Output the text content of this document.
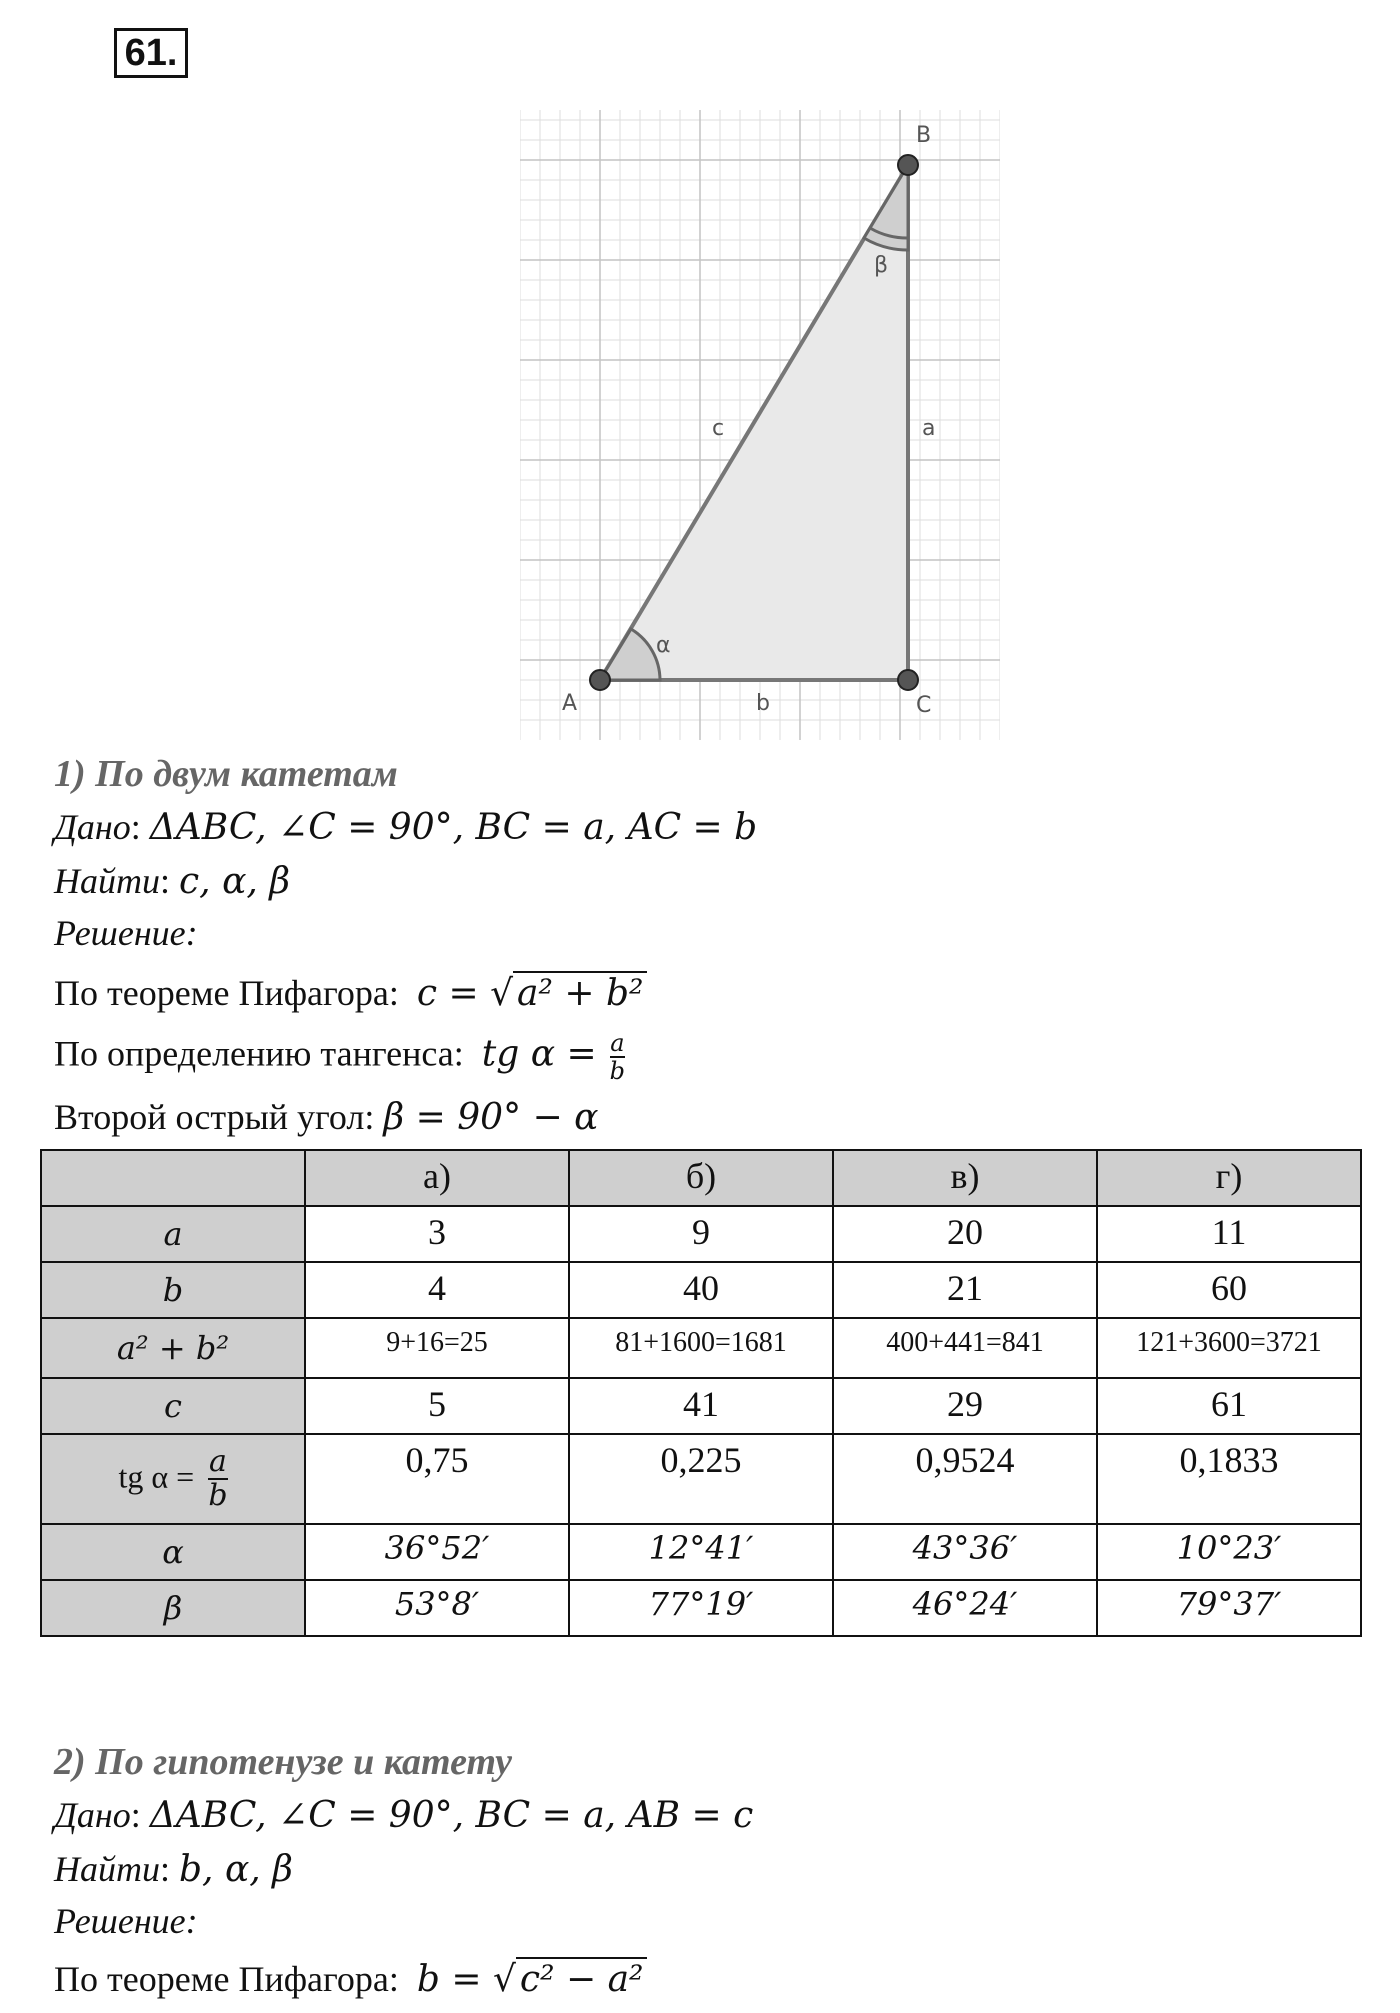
61.
A
B
C
a
b
c
α
β
1) По двум катетам
Дано: ΔABC, ∠C = 90°, BC = a, AC = b
Найти: c, α, β
Решение:
По теореме Пифагора: c = √ a² + b²
По определению тангенса: tg $\alpha = \frac{a}{b}$
Второй острый угол: β = 90° − α
	а)	б)	в)	г)
a	3	9	20	11
b	4	40	21	60
a² + b²	9+16=25	81+1600=1681	400+441=841	121+3600=3721
c	5	41	29	61
tg $\alpha = \frac{a}{b}$	0,75	0,225	0,9524	0,1833
α	36°52′	12°41′	43°36′	10°23′
β	53°8′	77°19′	46°24′	79°37′
2) По гипотенузе и катету
Дано: ΔABC, ∠C = 90°, BC = a, AB = c
Найти: b, α, β
Решение:
По теореме Пифагора: b = √ c² − a²
